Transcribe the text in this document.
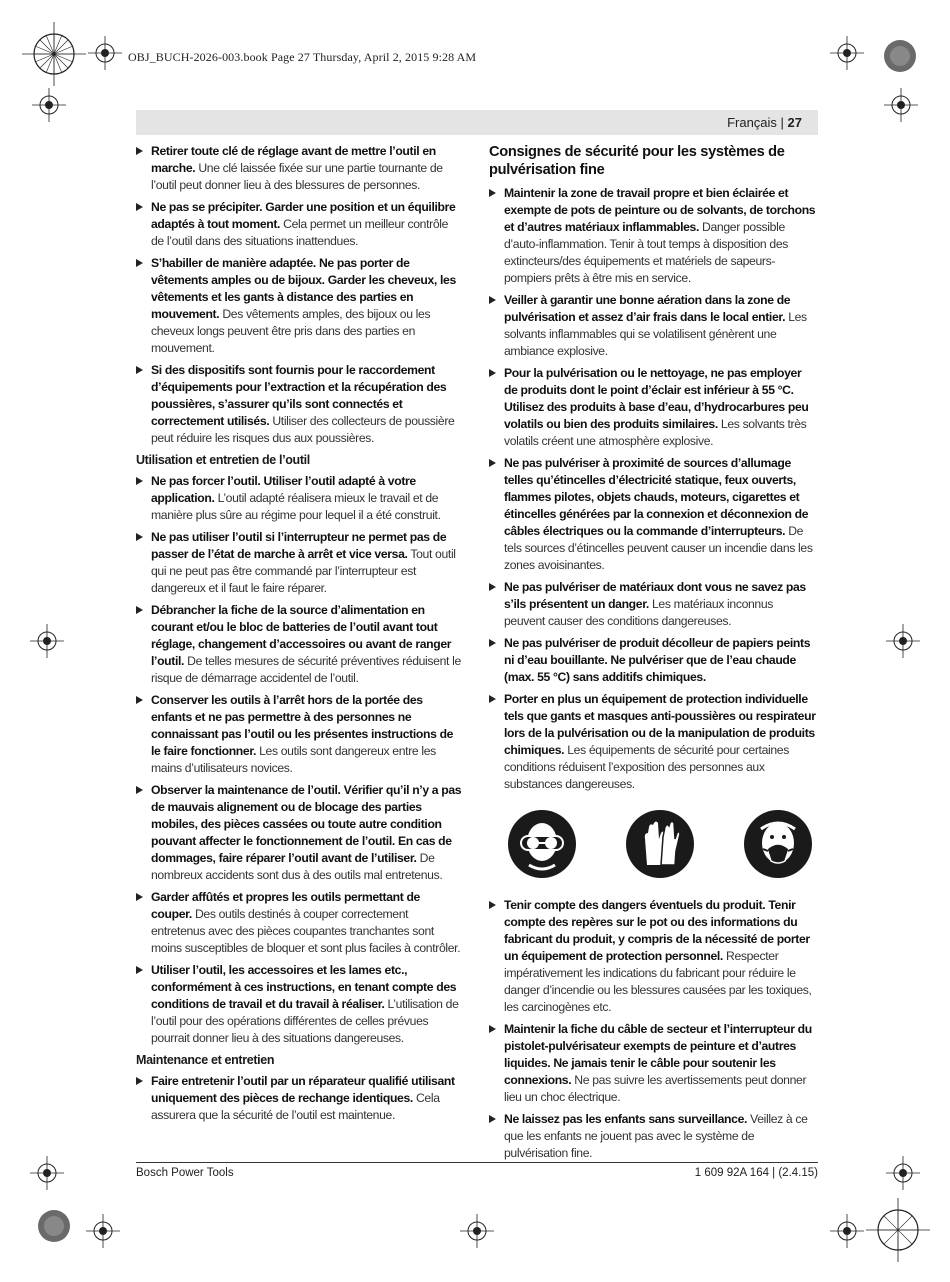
OBJ_BUCH-2026-003.book Page 27 Thursday, April 2, 2015 9:28 AM
Français | 27
Retirer toute clé de réglage avant de mettre l’outil en marche. Une clé laissée fixée sur une partie tournante de l’outil peut donner lieu à des blessures de personnes.
Ne pas se précipiter. Garder une position et un équilibre adaptés à tout moment. Cela permet un meilleur contrôle de l’outil dans des situations inattendues.
S’habiller de manière adaptée. Ne pas porter de vêtements amples ou de bijoux. Garder les cheveux, les vêtements et les gants à distance des parties en mouvement. Des vêtements amples, des bijoux ou les cheveux longs peuvent être pris dans des parties en mouvement.
Si des dispositifs sont fournis pour le raccordement d’équipements pour l’extraction et la récupération des poussières, s’assurer qu’ils sont connectés et correctement utilisés. Utiliser des collecteurs de poussière peut réduire les risques dus aux poussières.
Utilisation et entretien de l’outil
Ne pas forcer l’outil. Utiliser l’outil adapté à votre application. L’outil adapté réalisera mieux le travail et de manière plus sûre au régime pour lequel il a été construit.
Ne pas utiliser l’outil si l’interrupteur ne permet pas de passer de l’état de marche à arrêt et vice versa. Tout outil qui ne peut pas être commandé par l’interrupteur est dangereux et il faut le faire réparer.
Débrancher la fiche de la source d’alimentation en courant et/ou le bloc de batteries de l’outil avant tout réglage, changement d’accessoires ou avant de ranger l’outil. De telles mesures de sécurité préventives réduisent le risque de démarrage accidentel de l’outil.
Conserver les outils à l’arrêt hors de la portée des enfants et ne pas permettre à des personnes ne connaissant pas l’outil ou les présentes instructions de le faire fonctionner. Les outils sont dangereux entre les mains d’utilisateurs novices.
Observer la maintenance de l’outil. Vérifier qu’il n’y a pas de mauvais alignement ou de blocage des parties mobiles, des pièces cassées ou toute autre condition pouvant affecter le fonctionnement de l’outil. En cas de dommages, faire réparer l’outil avant de l’utiliser. De nombreux accidents sont dus à des outils mal entretenus.
Garder affûtés et propres les outils permettant de couper. Des outils destinés à couper correctement entretenus avec des pièces coupantes tranchantes sont moins susceptibles de bloquer et sont plus faciles à contrôler.
Utiliser l’outil, les accessoires et les lames etc., conformément à ces instructions, en tenant compte des conditions de travail et du travail à réaliser. L’utilisation de l’outil pour des opérations différentes de celles prévues pourrait donner lieu à des situations dangereuses.
Maintenance et entretien
Faire entretenir l’outil par un réparateur qualifié utilisant uniquement des pièces de rechange identiques. Cela assurera que la sécurité de l’outil est maintenue.
Consignes de sécurité pour les systèmes de pulvérisation fine
Maintenir la zone de travail propre et bien éclairée et exempte de pots de peinture ou de solvants, de torchons et d’autres matériaux inflammables. Danger possible d’auto-inflammation. Tenir à tout temps à disposition des extincteurs/des équipements et matériels de sapeurs-pompiers prêts à être mis en service.
Veiller à garantir une bonne aération dans la zone de pulvérisation et assez d’air frais dans le local entier. Les solvants inflammables qui se volatilisent génèrent une ambiance explosive.
Pour la pulvérisation ou le nettoyage, ne pas employer de produits dont le point d’éclair est inférieur à 55 °C. Utilisez des produits à base d’eau, d’hydrocarbures peu volatils ou bien des produits similaires. Les solvants très volatils créent une atmosphère explosive.
Ne pas pulvériser à proximité de sources d’allumage telles qu’étincelles d’électricité statique, feux ouverts, flammes pilotes, objets chauds, moteurs, cigarettes et étincelles générées par la connexion et déconnexion de câbles électriques ou la commande d’interrupteurs. De tels sources d’étincelles peuvent causer un incendie dans les zones avoisinantes.
Ne pas pulvériser de matériaux dont vous ne savez pas s’ils présentent un danger. Les matériaux inconnus peuvent causer des conditions dangereuses.
Ne pas pulvériser de produit décolleur de papiers peints ni d’eau bouillante. Ne pulvériser que de l’eau chaude (max. 55 °C) sans additifs chimiques.
Porter en plus un équipement de protection individuelle tels que gants et masques anti-poussières ou respirateur lors de la pulvérisation ou de la manipulation de produits chimiques. Les équipements de sécurité pour certaines conditions réduisent l’exposition des personnes aux substances dangereuses.
Tenir compte des dangers éventuels du produit. Tenir compte des repères sur le pot ou des informations du fabricant du produit, y compris de la nécessité de porter un équipement de protection personnel. Respecter impérativement les indications du fabricant pour réduire le danger d’incendie ou les blessures causées par les toxiques, les carcinogènes etc.
Maintenir la fiche du câble de secteur et l’interrupteur du pistolet-pulvérisateur exempts de peinture et d’autres liquides. Ne jamais tenir le câble pour soutenir les connexions. Ne pas suivre les avertissements peut donner lieu un choc électrique.
Ne laissez pas les enfants sans surveillance. Veillez à ce que les enfants ne jouent pas avec le système de pulvérisation fine.
Bosch Power Tools	1 609 92A 164 | (2.4.15)
